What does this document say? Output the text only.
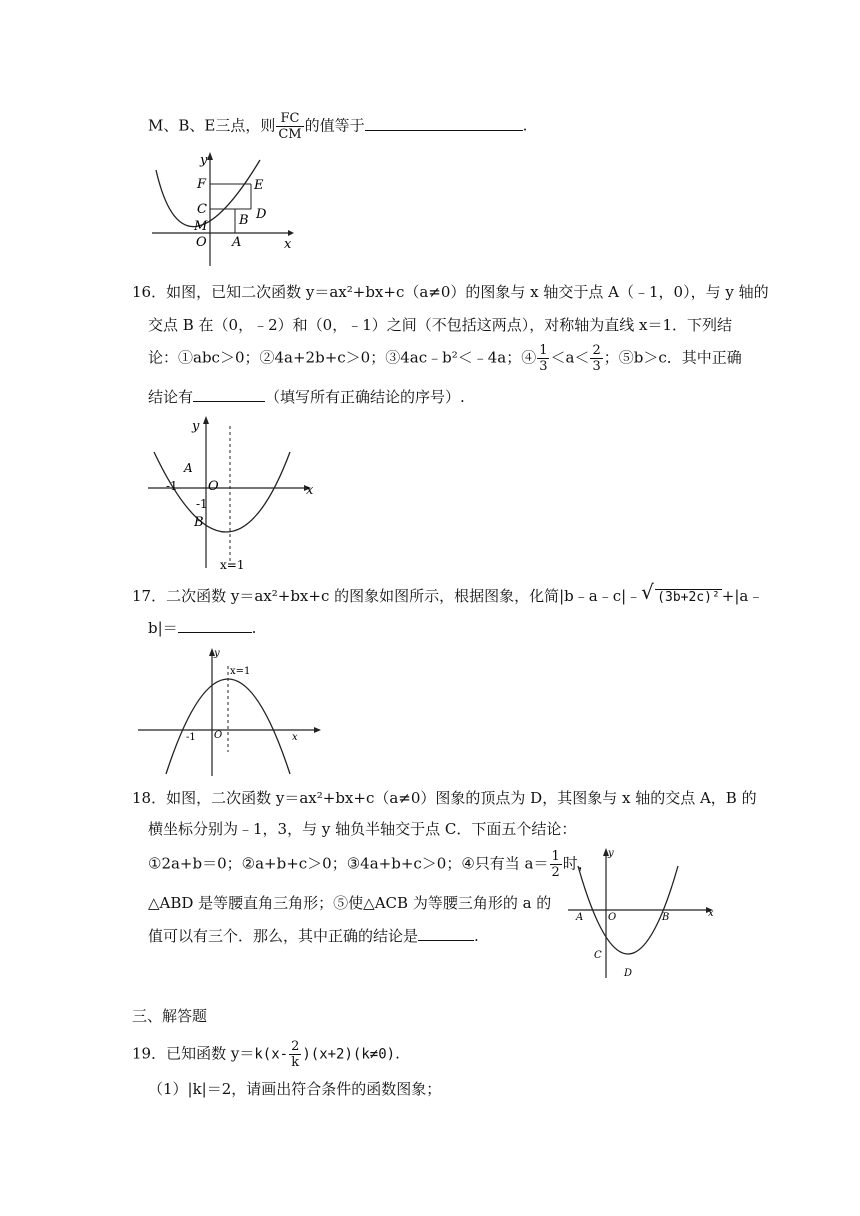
M、B、E三点，则 $\frac{FC}{CM}$ 的值等于	.
y
F	E
C	D
B
M
O A	x
16．如图，已知二次函数 y＝ax²+bx+c（a≠0）的图象与 x 轴交于点 A（﹣1，0），与 y 轴的
交点 B 在（0，﹣2）和（0，﹣1）之间（不包括这两点），对称轴为直线 x＝1．下列结
论：①abc＞0；②4a+2b+c＞0；③4ac﹣b²＜﹣4a；④ $\frac{1}{3} <a< \frac{2}{3}$ ；⑤b＞c．其中正确
结论有	（填写所有正确结论的序号）.
y
A
-1 O	x
-1
B
x=1
17．二次函数 y＝ax²+bx+c 的图象如图所示，根据图象，化简|b﹣a﹣c|﹣ √ (3b+2c)² +|a﹣
b|＝	.
y
x=1
-1 O	x
18．如图，二次函数 y＝ax²+bx+c（a≠0）图象的顶点为 D，其图象与 x 轴的交点 A，B 的
横坐标分别为﹣1，3，与 y 轴负半轴交于点 C．下面五个结论：
①2a+b＝0；②a+b+c＞0；③4a+b+c＞0；④只有当 $a= \frac{1}{2}$ 时，
△ABD 是等腰直角三角形；⑤使△ACB 为等腰三角形的 a 的
值可以有三个．那么，其中正确的结论是	.
y
A O	B	x
C
D
三、解答题
19．已知函数 $y=k(x- \frac{2}{k} )(x+2)(k\ne 0)$.
（1）|k|＝2，请画出符合条件的函数图象；
